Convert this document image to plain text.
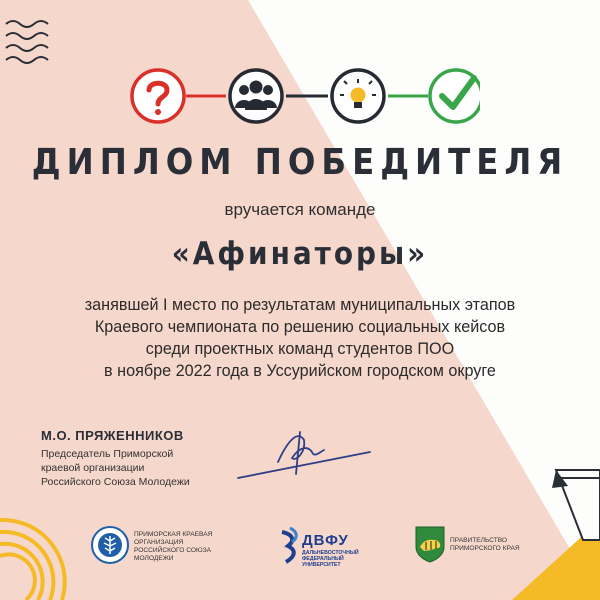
ДИПЛОМ ПОБЕДИТЕЛЯ
вручается команде
«Афинаторы»
занявшей I место по результатам муниципальных этапов
Краевого чемпионата по решению социальных кейсов
среди проектных команд студентов ПОО
в ноябре 2022 года в Уссурийском городском округе
М.О. ПРЯЖЕННИКОВ
Председатель Приморской
краевой организации
Российского Союза Молодежи
ПРИМОРСКАЯ КРАЕВАЯ
ОРГАНИЗАЦИЯ
РОССИЙСКОГО СОЮЗА
МОЛОДЕЖИ
ДВФУ
ДАЛЬНЕВОСТОЧНЫЙ
ФЕДЕРАЛЬНЫЙ
УНИВЕРСИТЕТ
ПРАВИТЕЛЬСТВО
ПРИМОРСКОГО КРАЯ
